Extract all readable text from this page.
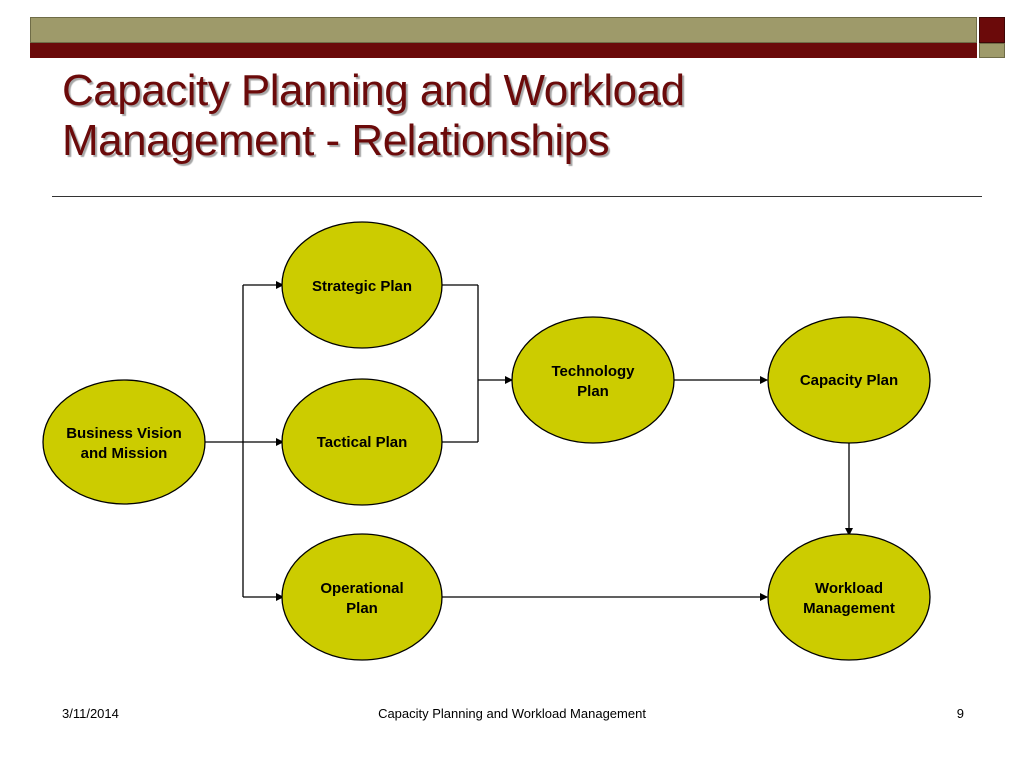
Capacity Planning and Workload
Management - Relationships
Business Vision
and Mission
Strategic Plan
Tactical Plan
Operational
Plan
Technology
Plan
Capacity Plan
Workload
Management
3/11/2014	Capacity Planning and Workload Management	9
